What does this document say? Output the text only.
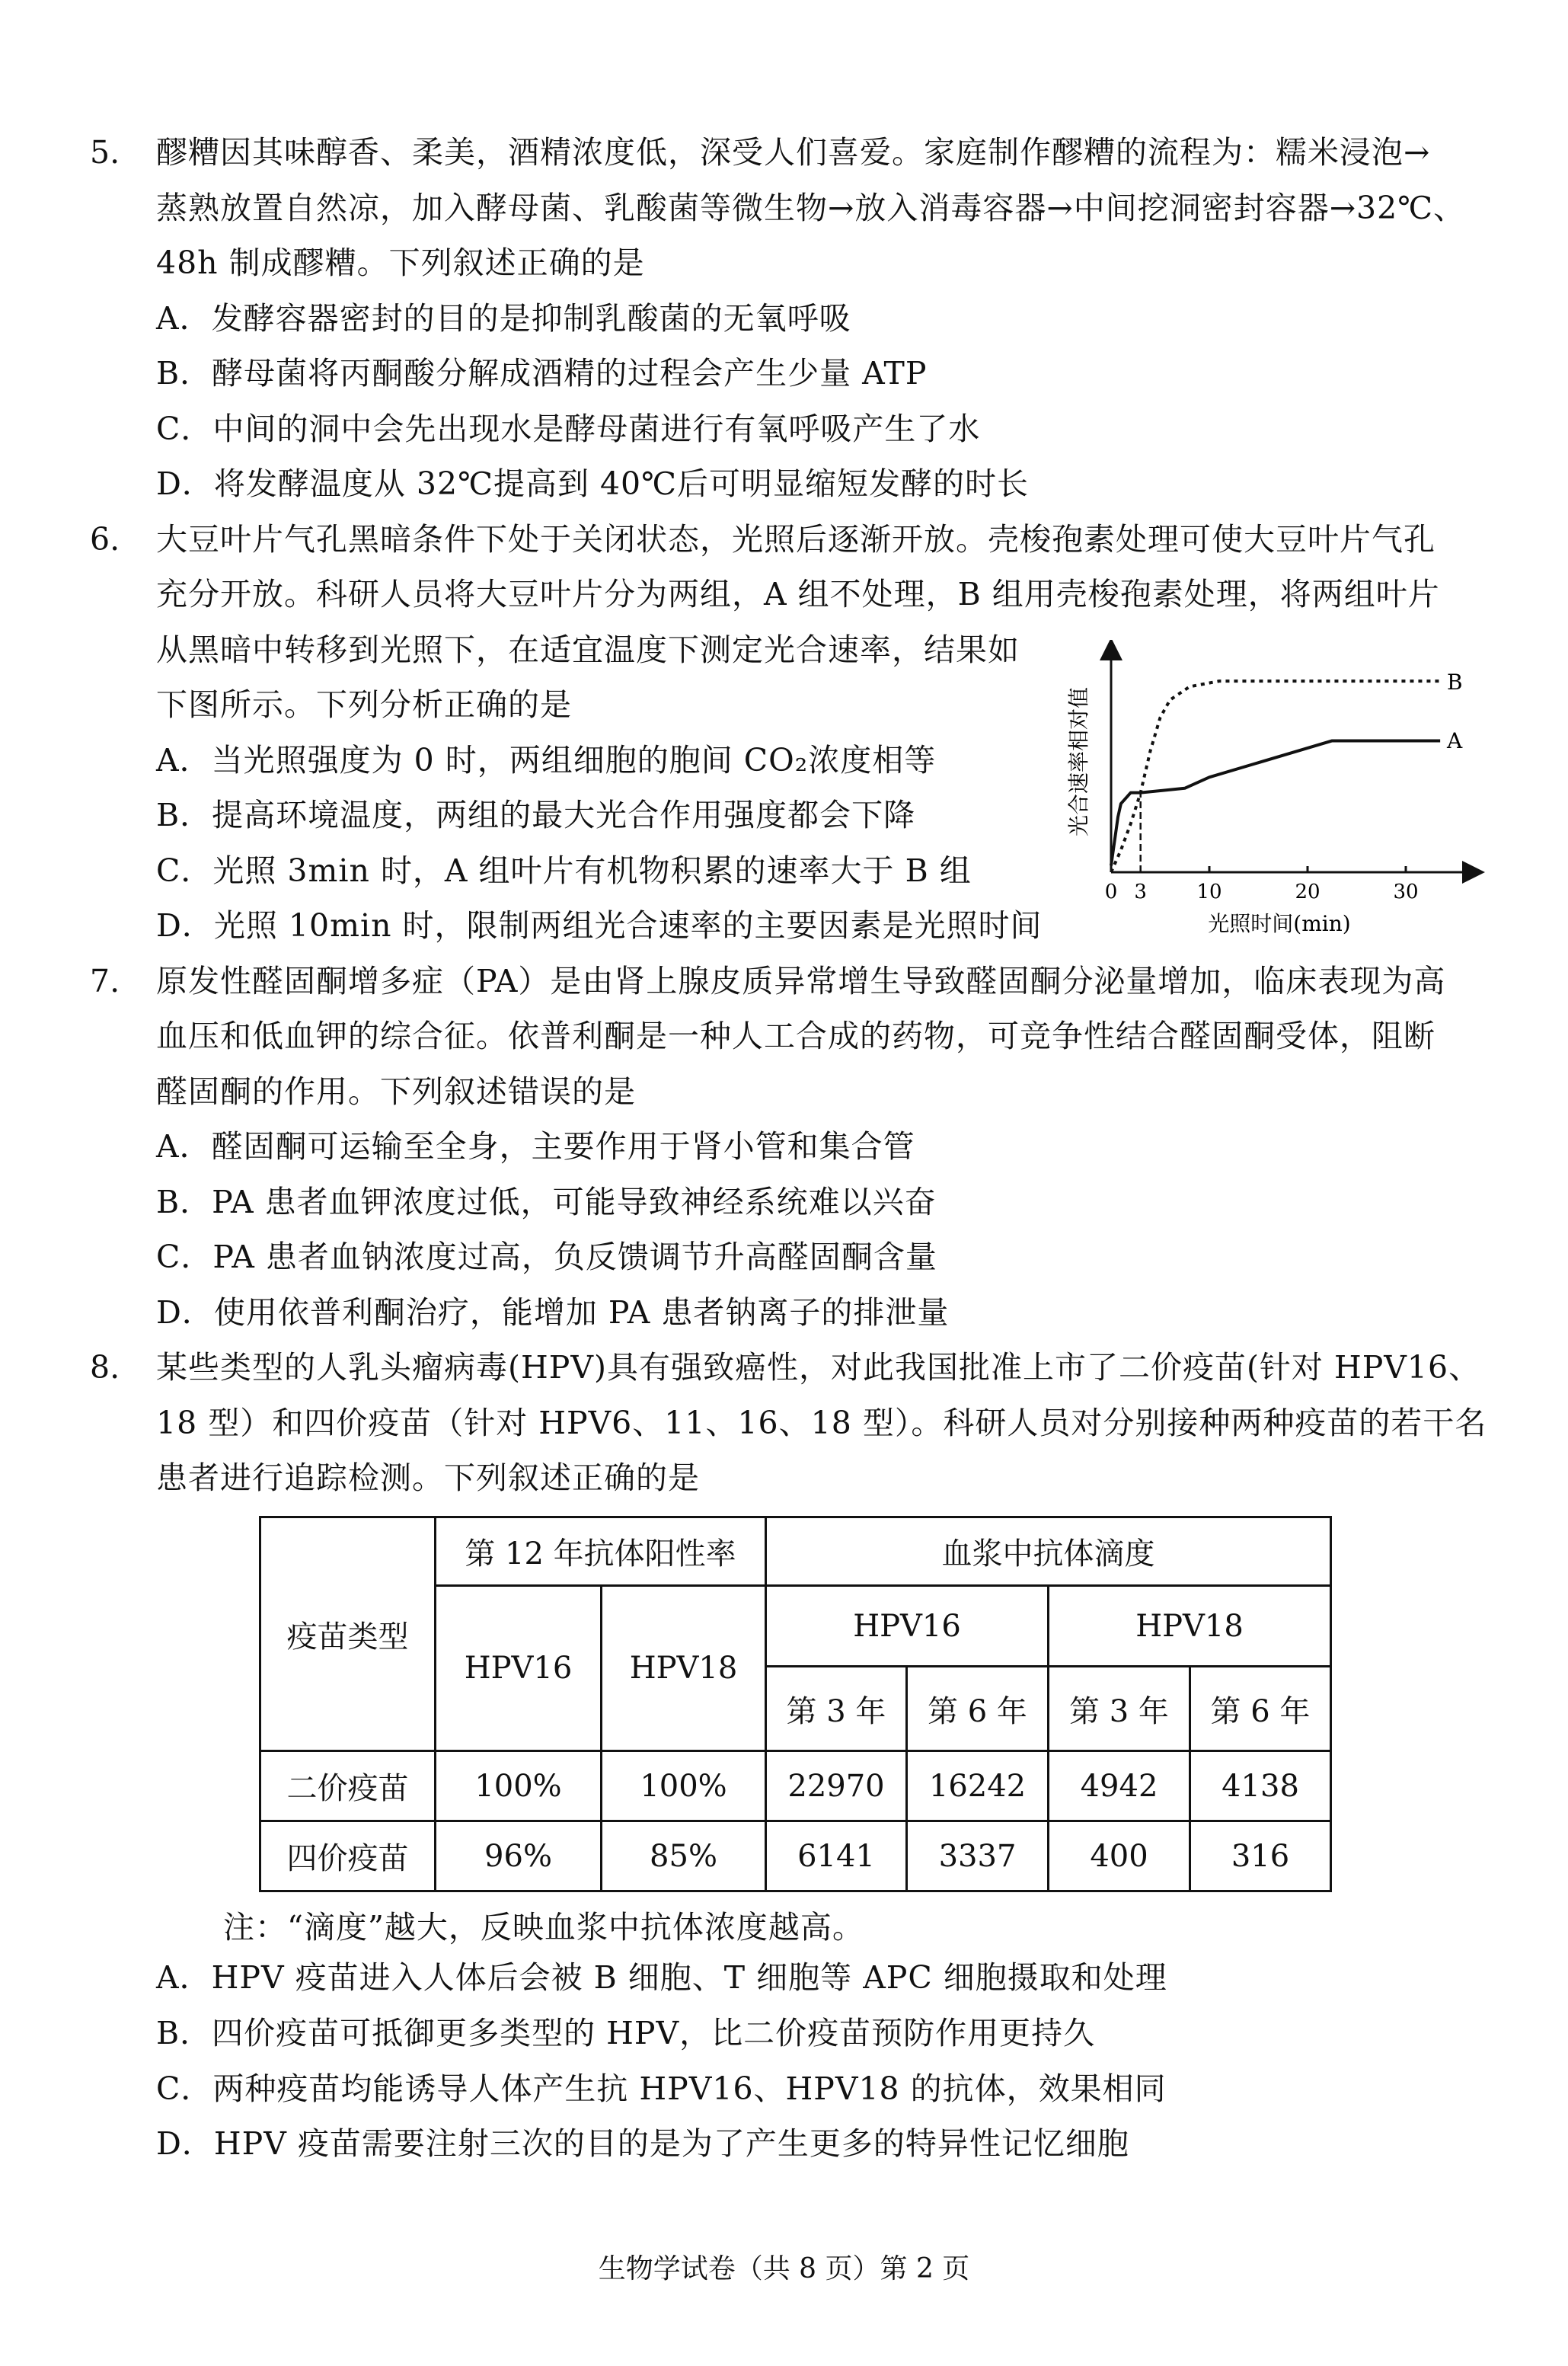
5. 醪糟因其味醇香、柔美，酒精浓度低，深受人们喜爱。家庭制作醪糟的流程为：糯米浸泡→
蒸熟放置自然凉，加入酵母菌、乳酸菌等微生物→放入消毒容器→中间挖洞密封容器→32℃、
48h 制成醪糟。下列叙述正确的是
A．发酵容器密封的目的是抑制乳酸菌的无氧呼吸
B．酵母菌将丙酮酸分解成酒精的过程会产生少量 ATP
C．中间的洞中会先出现水是酵母菌进行有氧呼吸产生了水
D．将发酵温度从 32℃提高到 40℃后可明显缩短发酵的时长
6. 大豆叶片气孔黑暗条件下处于关闭状态，光照后逐渐开放。壳梭孢素处理可使大豆叶片气孔
充分开放。科研人员将大豆叶片分为两组，A 组不处理，B 组用壳梭孢素处理，将两组叶片
从黑暗中转移到光照下，在适宜温度下测定光合速率，结果如
下图所示。下列分析正确的是
A．当光照强度为 0 时，两组细胞的胞间 CO₂浓度相等
B．提高环境温度，两组的最大光合作用强度都会下降
C．光照 3min 时，A 组叶片有机物积累的速率大于 B 组
D．光照 10min 时，限制两组光合速率的主要因素是光照时间
0 3	10	20	30
光照时间(min)
光合速率相对值
B
A
7. 原发性醛固酮增多症（PA）是由肾上腺皮质异常增生导致醛固酮分泌量增加，临床表现为高
血压和低血钾的综合征。依普利酮是一种人工合成的药物，可竞争性结合醛固酮受体，阻断
醛固酮的作用。下列叙述错误的是
A．醛固酮可运输至全身，主要作用于肾小管和集合管
B．PA 患者血钾浓度过低，可能导致神经系统难以兴奋
C．PA 患者血钠浓度过高，负反馈调节升高醛固酮含量
D．使用依普利酮治疗，能增加 PA 患者钠离子的排泄量
8. 某些类型的人乳头瘤病毒(HPV)具有强致癌性，对此我国批准上市了二价疫苗(针对 HPV16、
18 型）和四价疫苗（针对 HPV6、11、16、18 型）。科研人员对分别接种两种疫苗的若干名
患者进行追踪检测。下列叙述正确的是
疫苗类型	第 12 年抗体阳性率		血浆中抗体滴度			
	HPV16	HPV18	HPV16		HPV18	
			第 3 年	第 6 年	第 3 年	第 6 年
二价疫苗	100%	100%	22970	16242	4942	4138
四价疫苗	96%	85%	6141	3337	400	316
注：“滴度”越大，反映血浆中抗体浓度越高。
A．HPV 疫苗进入人体后会被 B 细胞、T 细胞等 APC 细胞摄取和处理
B．四价疫苗可抵御更多类型的 HPV，比二价疫苗预防作用更持久
C．两种疫苗均能诱导人体产生抗 HPV16、HPV18 的抗体，效果相同
D．HPV 疫苗需要注射三次的目的是为了产生更多的特异性记忆细胞
生物学试卷（共 8 页）第 2 页
